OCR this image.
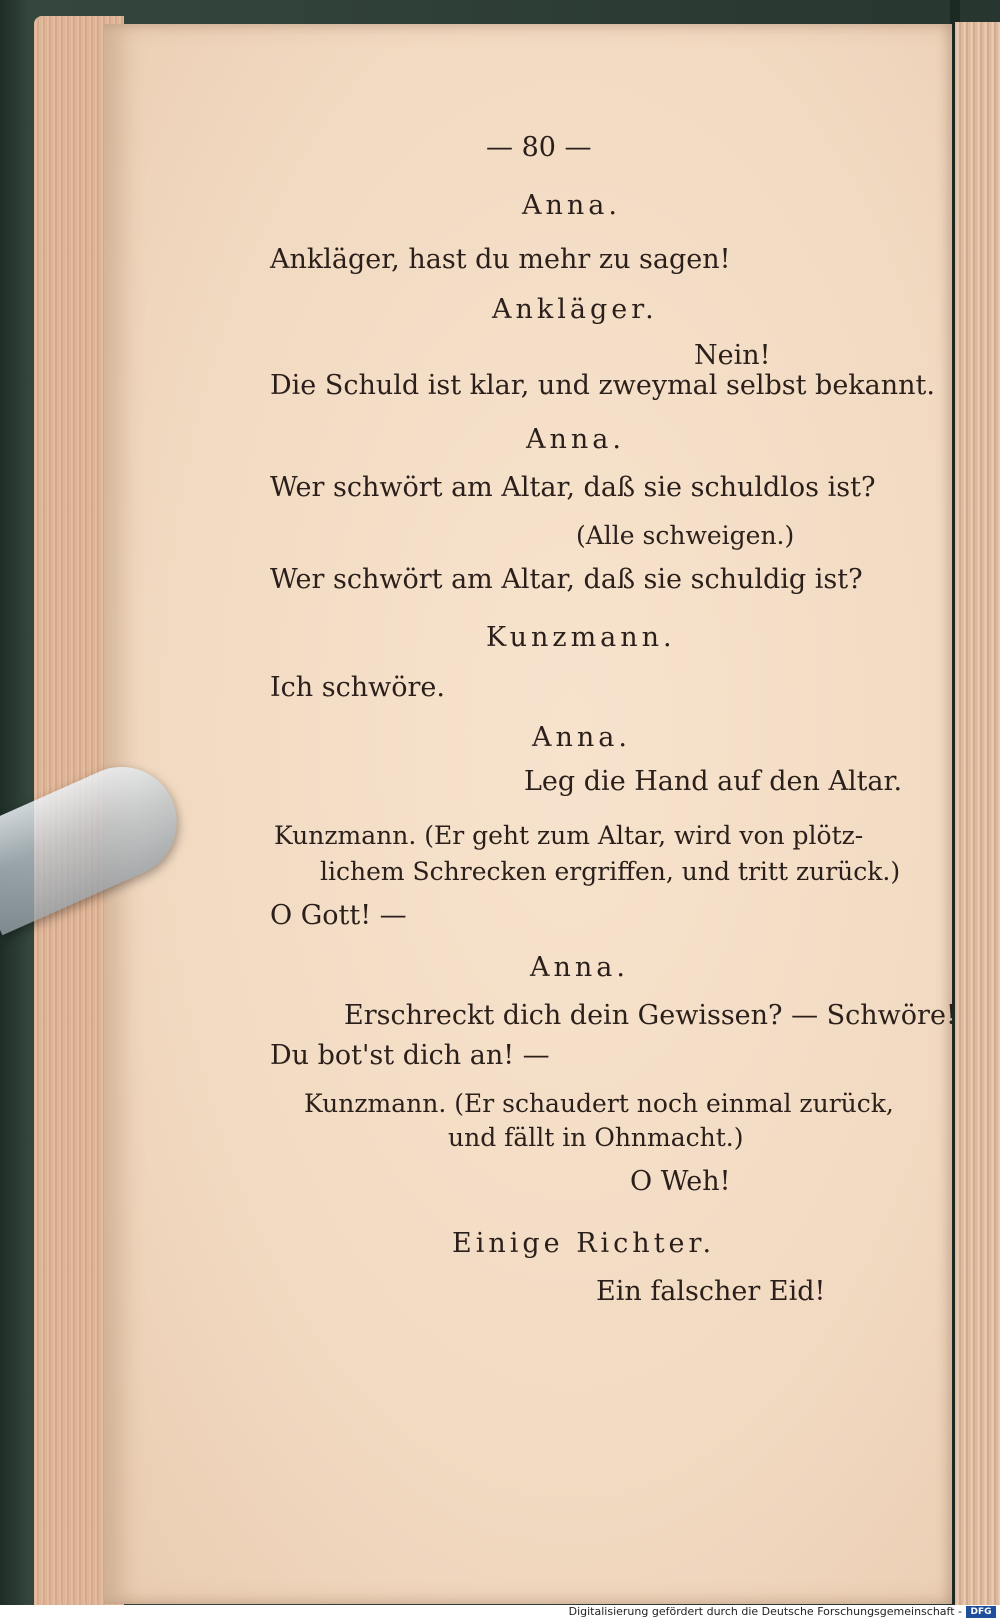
— 80 —
Anna.
Ankläger, hast du mehr zu sagen!
Ankläger.
Nein!
Die Schuld ist klar, und zweymal selbst bekannt.
Anna.
Wer schwört am Altar, daß sie schuldlos ist?
(Alle schweigen.)
Wer schwört am Altar, daß sie schuldig ist?
Kunzmann.
Ich schwöre.
Anna.
Leg die Hand auf den Altar.
Kunzmann. (Er geht zum Altar, wird von plötz-
lichem Schrecken ergriffen, und tritt zurück.)
O Gott! —
Anna.
Erschreckt dich dein Gewissen? — Schwöre!
Du bot'st dich an! —
Kunzmann. (Er schaudert noch einmal zurück,
und fällt in Ohnmacht.)
O Weh!
Einige Richter.
Ein falscher Eid!
Digitalisierung gefördert durch die Deutsche Forschungsgemeinschaft - DFG
